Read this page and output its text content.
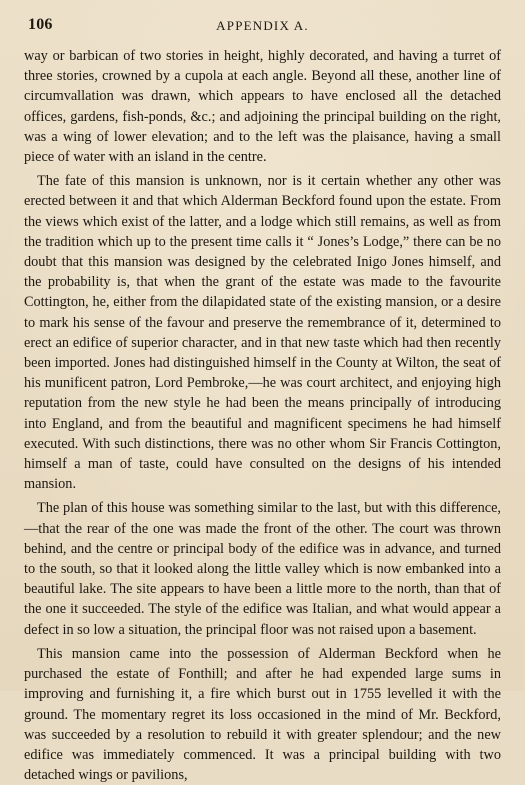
106	APPENDIX A.

way or barbican of two stories in height, highly decorated, and having a turret of three stories, crowned by a cupola at each angle. Beyond all these, another line of circumvallation was drawn, which appears to have enclosed all the detached offices, gardens, fish-ponds, &c.; and adjoining the principal building on the right, was a wing of lower elevation; and to the left was the plaisance, having a small piece of water with an island in the centre.

The fate of this mansion is unknown, nor is it certain whether any other was erected between it and that which Alderman Beckford found upon the estate. From the views which exist of the latter, and a lodge which still remains, as well as from the tradition which up to the present time calls it “ Jones’s Lodge,” there can be no doubt that this mansion was designed by the celebrated Inigo Jones himself, and the probability is, that when the grant of the estate was made to the favourite Cottington, he, either from the dilapidated state of the existing mansion, or a desire to mark his sense of the favour and preserve the remembrance of it, determined to erect an edifice of superior character, and in that new taste which had then recently been imported. Jones had distinguished himself in the County at Wilton, the seat of his munificent patron, Lord Pembroke,—he was court architect, and enjoying high reputation from the new style he had been the means principally of introducing into England, and from the beautiful and magnificent specimens he had himself executed. With such distinctions, there was no other whom Sir Francis Cottington, himself a man of taste, could have consulted on the designs of his intended mansion.

The plan of this house was something similar to the last, but with this difference,—that the rear of the one was made the front of the other. The court was thrown behind, and the centre or principal body of the edifice was in advance, and turned to the south, so that it looked along the little valley which is now embanked into a beautiful lake. The site appears to have been a little more to the north, than that of the one it succeeded. The style of the edifice was Italian, and what would appear a defect in so low a situation, the principal floor was not raised upon a basement.

This mansion came into the possession of Alderman Beckford when he purchased the estate of Fonthill; and after he had expended large sums in improving and furnishing it, a fire which burst out in 1755 levelled it with the ground. The momentary regret its loss occasioned in the mind of Mr. Beckford, was succeeded by a resolution to rebuild it with greater splendour; and the new edifice was immediately commenced. It was a principal building with two detached wings or pavilions,
